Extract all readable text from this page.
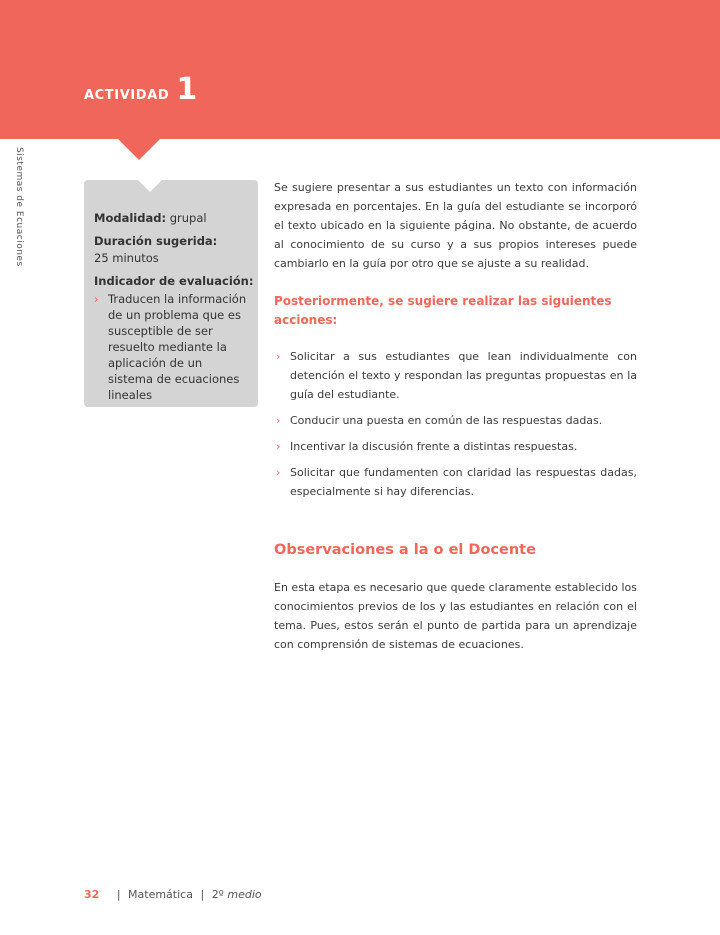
ACTIVIDAD 1
Sistemas de Ecuaciones	Modalidad: grupal
Duración sugerida:
25 minutos
Indicador de evaluación:
› Traducen la información de un problema que es susceptible de ser resuelto mediante la aplicación de un sistema de ecuaciones lineales

Se sugiere presentar a sus estudiantes un texto con información expresada en porcentajes. En la guía del estudiante se incorporó el texto ubicado en la siguiente página. No obstante, de acuerdo al conocimiento de su curso y a sus propios intereses puede cambiarlo en la guía por otro que se ajuste a su realidad.

Posteriormente, se sugiere realizar las siguientes acciones:
› Solicitar a sus estudiantes que lean individualmente con detención el texto y respondan las preguntas propuestas en la guía del estudiante.
› Conducir una puesta en común de las respuestas dadas.
› Incentivar la discusión frente a distintas respuestas.
› Solicitar que fundamenten con claridad las respuestas dadas, especialmente si hay diferencias.
Observaciones a la o el Docente

En esta etapa es necesario que quede claramente establecido los conocimientos previos de los y las estudiantes en relación con el tema. Pues, estos serán el punto de partida para un aprendizaje con comprensión de sistemas de ecuaciones.

32 | Matemática | 2º medio
